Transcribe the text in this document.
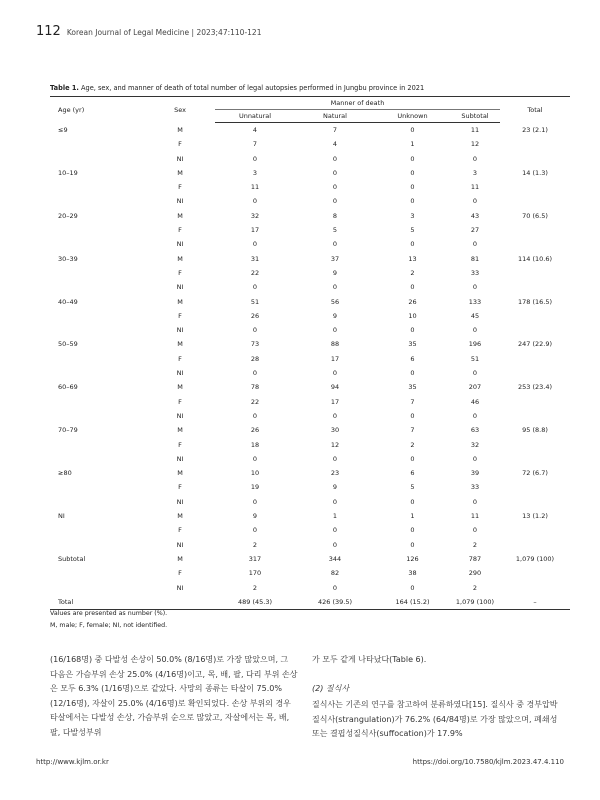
112 Korean Journal of Legal Medicine | 2023;47:110-121
Table 1. Age, sex, and manner of death of total number of legal autopsies performed in Jungbu province in 2021
Age (yr)	Sex	Manner of death				Total
		Unnatural	Natural	Unknown	Subtotal	
≤9	M	4	7	0	11	23 (2.1)
	F	7	4	1	12	
	NI	0	0	0	0	
10–19	M	3	0	0	3	14 (1.3)
	F	11	0	0	11	
	NI	0	0	0	0	
20–29	M	32	8	3	43	70 (6.5)
	F	17	5	5	27	
	NI	0	0	0	0	
30–39	M	31	37	13	81	114 (10.6)
	F	22	9	2	33	
	NI	0	0	0	0	
40–49	M	51	56	26	133	178 (16.5)
	F	26	9	10	45	
	NI	0	0	0	0	
50–59	M	73	88	35	196	247 (22.9)
	F	28	17	6	51	
	NI	0	0	0	0	
60–69	M	78	94	35	207	253 (23.4)
	F	22	17	7	46	
	NI	0	0	0	0	
70–79	M	26	30	7	63	95 (8.8)
	F	18	12	2	32	
	NI	0	0	0	0	
≥80	M	10	23	6	39	72 (6.7)
	F	19	9	5	33	
	NI	0	0	0	0	
NI	M	9	1	1	11	13 (1.2)
	F	0	0	0	0	
	NI	2	0	0	2	
Subtotal	M	317	344	126	787	1,079 (100)
	F	170	82	38	290	
	NI	2	0	0	2	
Total		489 (45.3)	426 (39.5)	164 (15.2)	1,079 (100)	–
Values are presented as number (%).
M, male; F, female; NI, not identified.
(16/168명) 중 다발성 손상이 50.0% (8/16명)로 가장 많았으며, 그 다음은 가슴부위 손상 25.0% (4/16명)이고, 목, 배, 팔, 다리 부위 손상은 모두 6.3% (1/16명)으로 같았다. 사망의 종류는 타살이 75.0% (12/16명), 자살이 25.0% (4/16명)로 확인되었다. 손상 부위의 경우 타살에서는 다발성 손상, 가슴부위 순으로 많았고, 자살에서는 목, 배, 팔, 다발성부위
가 모두 같게 나타났다(Table 6).
(2) 질식사
질식사는 기존의 연구를 참고하여 분류하였다[15]. 질식사 중 경부압박질식사(strangulation)가 76.2% (64/84명)로 가장 많았으며, 폐쇄성 또는 결핍성질식사(suffocation)가 17.9%
http://www.kjlm.or.kr	https://doi.org/10.7580/kjlm.2023.47.4.110
